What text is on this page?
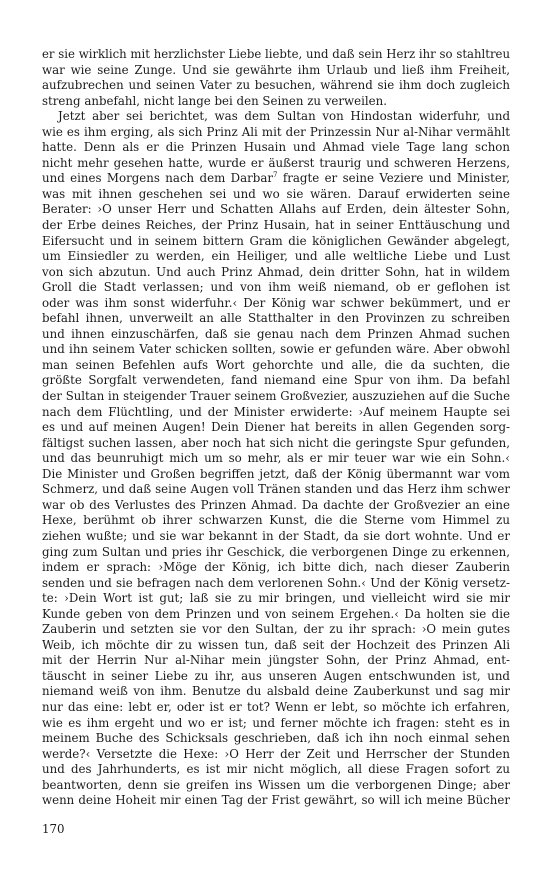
er sie wirklich mit herzlichster Liebe liebte, und daß sein Herz ihr so stahltreu
war wie seine Zunge. Und sie gewährte ihm Urlaub und ließ ihm Freiheit,
aufzubrechen und seinen Vater zu besuchen, während sie ihm doch zugleich
streng anbefahl, nicht lange bei den Seinen zu verweilen.
Jetzt aber sei berichtet, was dem Sultan von Hindostan widerfuhr, und
wie es ihm erging, als sich Prinz Ali mit der Prinzessin Nur al-Nihar vermählt
hatte. Denn als er die Prinzen Husain und Ahmad viele Tage lang schon
nicht mehr gesehen hatte, wurde er äußerst traurig und schweren Herzens,
und eines Morgens nach dem Darbar$^7$ fragte er seine Veziere und Minister,
was mit ihnen geschehen sei und wo sie wären. Darauf erwiderten seine
Berater: ›O unser Herr und Schatten Allahs auf Erden, dein ältester Sohn,
der Erbe deines Reiches, der Prinz Husain, hat in seiner Enttäuschung und
Eifersucht und in seinem bittern Gram die königlichen Gewänder abgelegt,
um Einsiedler zu werden, ein Heiliger, und alle weltliche Liebe und Lust
von sich abzutun. Und auch Prinz Ahmad, dein dritter Sohn, hat in wildem
Groll die Stadt verlassen; und von ihm weiß niemand, ob er geflohen ist
oder was ihm sonst widerfuhr.‹ Der König war schwer bekümmert, und er
befahl ihnen, unverweilt an alle Statthalter in den Provinzen zu schreiben
und ihnen einzuschärfen, daß sie genau nach dem Prinzen Ahmad suchen
und ihn seinem Vater schicken sollten, sowie er gefunden wäre. Aber obwohl
man seinen Befehlen aufs Wort gehorchte und alle, die da suchten, die
größte Sorgfalt verwendeten, fand niemand eine Spur von ihm. Da befahl
der Sultan in steigender Trauer seinem Großvezier, auszuziehen auf die Suche
nach dem Flüchtling, und der Minister erwiderte: ›Auf meinem Haupte sei
es und auf meinen Augen! Dein Diener hat bereits in allen Gegenden sorg-
fältigst suchen lassen, aber noch hat sich nicht die geringste Spur gefunden,
und das beunruhigt mich um so mehr, als er mir teuer war wie ein Sohn.‹
Die Minister und Großen begriffen jetzt, daß der König übermannt war vom
Schmerz, und daß seine Augen voll Tränen standen und das Herz ihm schwer
war ob des Verlustes des Prinzen Ahmad. Da dachte der Großvezier an eine
Hexe, berühmt ob ihrer schwarzen Kunst, die die Sterne vom Himmel zu
ziehen wußte; und sie war bekannt in der Stadt, da sie dort wohnte. Und er
ging zum Sultan und pries ihr Geschick, die verborgenen Dinge zu erkennen,
indem er sprach: ›Möge der König, ich bitte dich, nach dieser Zauberin
senden und sie befragen nach dem verlorenen Sohn.‹ Und der König versetz-
te: ›Dein Wort ist gut; laß sie zu mir bringen, und vielleicht wird sie mir
Kunde geben von dem Prinzen und von seinem Ergehen.‹ Da holten sie die
Zauberin und setzten sie vor den Sultan, der zu ihr sprach: ›O mein gutes
Weib, ich möchte dir zu wissen tun, daß seit der Hochzeit des Prinzen Ali
mit der Herrin Nur al-Nihar mein jüngster Sohn, der Prinz Ahmad, ent-
täuscht in seiner Liebe zu ihr, aus unseren Augen entschwunden ist, und
niemand weiß von ihm. Benutze du alsbald deine Zauberkunst und sag mir
nur das eine: lebt er, oder ist er tot? Wenn er lebt, so möchte ich erfahren,
wie es ihm ergeht und wo er ist; und ferner möchte ich fragen: steht es in
meinem Buche des Schicksals geschrieben, daß ich ihn noch einmal sehen
werde?‹ Versetzte die Hexe: ›O Herr der Zeit und Herrscher der Stunden
und des Jahrhunderts, es ist mir nicht möglich, all diese Fragen sofort zu
beantworten, denn sie greifen ins Wissen um die verborgenen Dinge; aber
wenn deine Hoheit mir einen Tag der Frist gewährt, so will ich meine Bücher
170
